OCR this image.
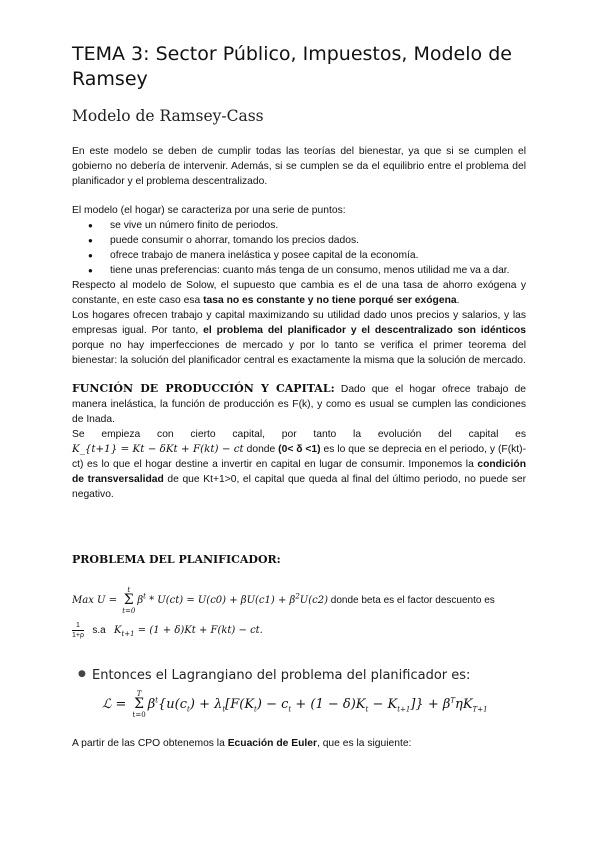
TEMA 3: Sector Público, Impuestos, Modelo de Ramsey
Modelo de Ramsey-Cass
En este modelo se deben de cumplir todas las teorías del bienestar, ya que si se cumplen el gobierno no debería de intervenir. Además, si se cumplen se da el equilibrio entre el problema del planificador y el problema descentralizado.
El modelo (el hogar) se caracteriza por una serie de puntos:
● se vive un número finito de periodos.
● puede consumir o ahorrar, tomando los precios dados.
● ofrece trabajo de manera inelástica y posee capital de la economía.
● tiene unas preferencias: cuanto más tenga de un consumo, menos utilidad me va a dar.
Respecto al modelo de Solow, el supuesto que cambia es el de una tasa de ahorro exógena y constante, en este caso esa tasa no es constante y no tiene porqué ser exógena.
Los hogares ofrecen trabajo y capital maximizando su utilidad dado unos precios y salarios, y las empresas igual. Por tanto, el problema del planificador y el descentralizado son idénticos porque no hay imperfecciones de mercado y por lo tanto se verifica el primer teorema del bienestar: la solución del planificador central es exactamente la misma que la solución de mercado.
FUNCIÓN DE PRODUCCIÓN Y CAPITAL: Dado que el hogar ofrece trabajo de manera inelástica, la función de producción es F(k), y como es usual se cumplen las condiciones de Inada.
Se empieza con cierto capital, por tanto la evolución del capital es
K_{t+1} = Kt − δKt + F(kt) − ct donde (0< δ <1) es lo que se deprecia en el periodo, y (F(kt)-ct) es lo que el hogar destine a invertir en capital en lugar de consumir. Imponemos la condición de transversalidad de que Kt+1>0, el capital que queda al final del último periodo, no puede ser negativo.
PROBLEMA DEL PLANIFICADOR:
Max U =
t
Σ
t=0
$\beta^t * U(ct) = U(c0) + \beta U(c1) + \beta^2U(c2)$ donde beta es el factor descuento es
$\frac{1}{1+\rho} s.a$ $K_{t+1} = (1 + \delta)Kt + F(kt)$ − ct.
● Entonces el Lagrangiano del problema del planificador es:
ℒ =
T
Σ
t=0
$\beta^t\{u(c_t) + \lambda_t[F(K_t) - c_t + (1 - \delta)K_t - K_{t+1}]\} + \beta^T\eta K_{T+1}$
A partir de las CPO obtenemos la Ecuación de Euler, que es la siguiente:
